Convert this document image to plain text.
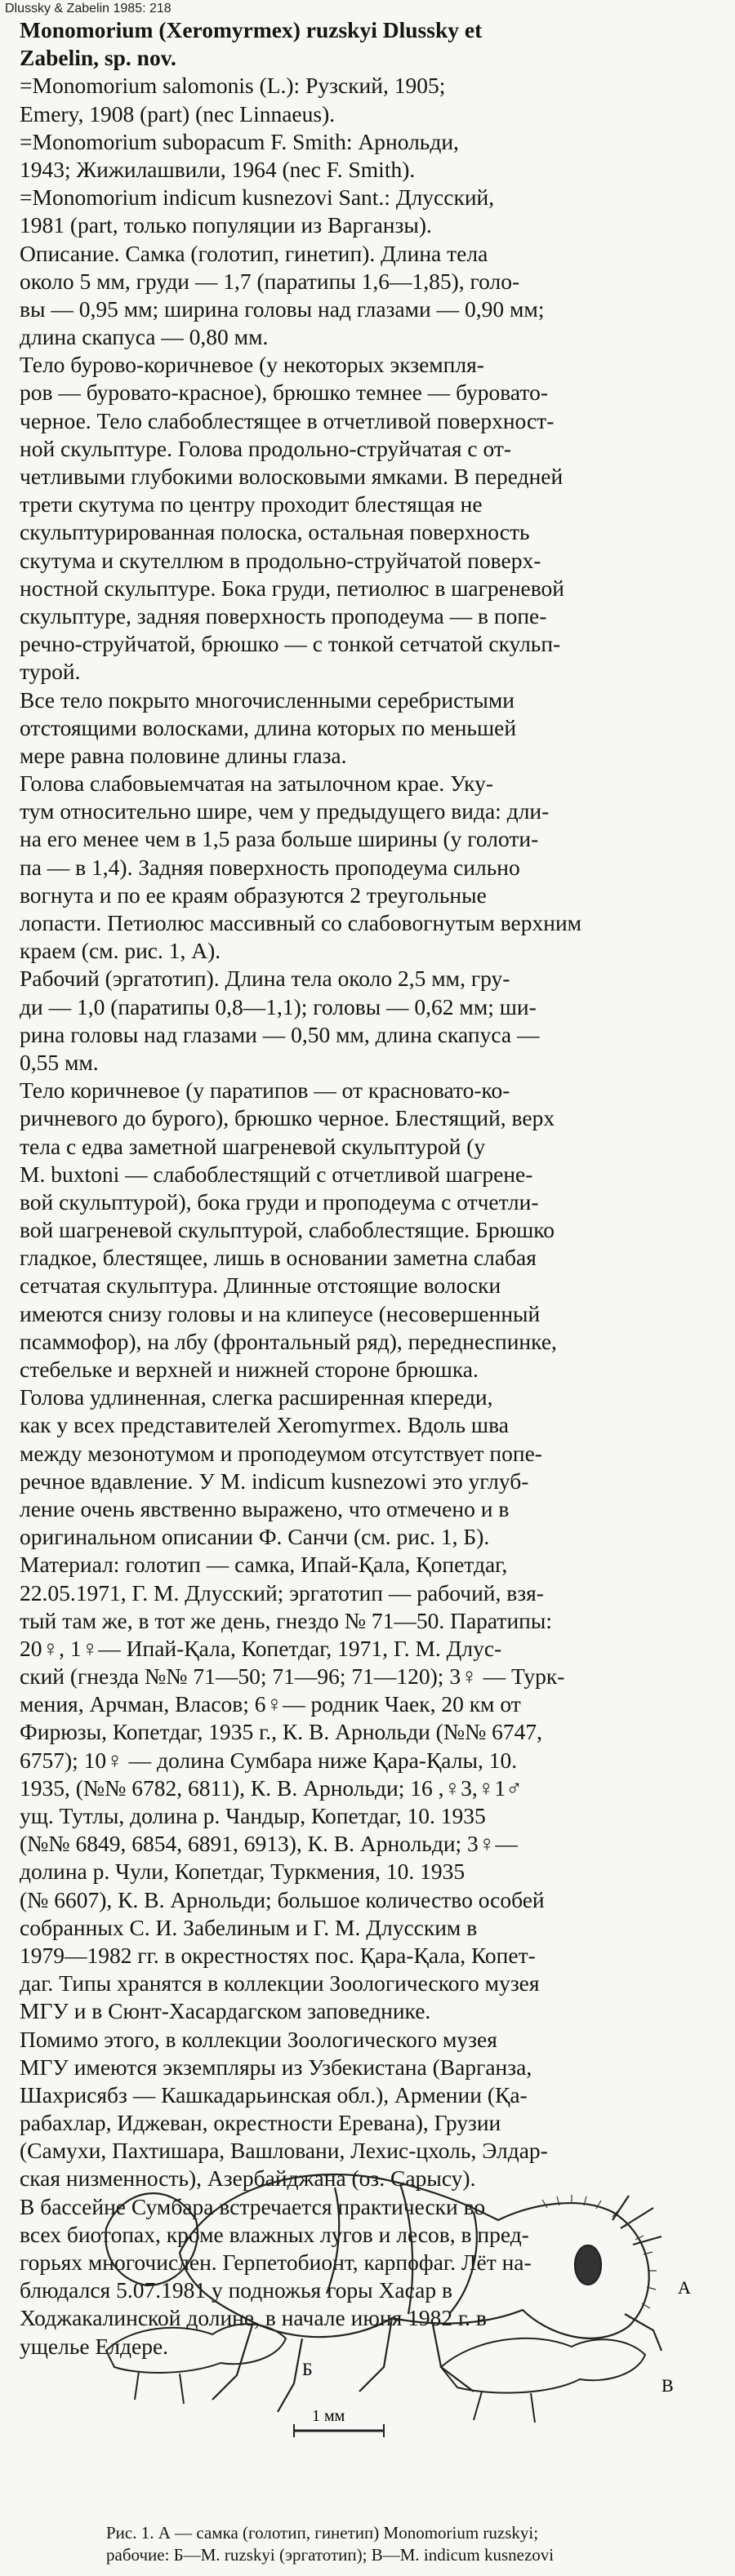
Dlussky & Zabelin 1985: 218
Monomorium (Xeromyrmex) ruzskyi Dlussky et
Zabelin, sp. nov.
=Monomorium salomonis (L.): Рузский, 1905;
Emery, 1908 (part) (nec Linnaeus).
=Monomorium subopacum F. Smith: Арнольди,
1943; Жижилашвили, 1964 (nec F. Smith).
=Monomorium indicum kusnezovi Sant.: Длусский,
1981 (part, только популяции из Варганзы).
Описание. Самка (голотип, гинетип). Длина тела
около 5 мм, груди — 1,7 (паратипы 1,6—1,85), голо-
вы — 0,95 мм; ширина головы над глазами — 0,90 мм;
длина скапуса — 0,80 мм.
Тело бурово-коричневое (у некоторых экземпля-
ров — буровато-красное), брюшко темнее — буровато-
черное. Тело слабоблестящее в отчетливой поверхност-
ной скульптуре. Голова продольно-струйчатая с от-
четливыми глубокими волосковыми ямками. В передней
трети скутума по центру проходит блестящая не
скульптурированная полоска, остальная поверхность
скутума и скутеллюм в продольно-струйчатой поверх-
ностной скульптуре. Бока груди, петиолюс в шагреневой
скульптуре, задняя поверхность проподеума — в попе-
речно-струйчатой, брюшко — с тонкой сетчатой скульп-
турой.
Все тело покрыто многочисленными серебристыми
отстоящими волосками, длина которых по меньшей
мере равна половине длины глаза.
Голова слабовыемчатая на затылочном крае. Уку-
тум относительно шире, чем у предыдущего вида: дли-
на его менее чем в 1,5 раза больше ширины (у голоти-
па — в 1,4). Задняя поверхность проподеума сильно
вогнута и по ее краям образуются 2 треугольные
лопасти. Петиолюс массивный со слабовогнутым верхним
краем (см. рис. 1, А).
Рабочий (эргатотип). Длина тела около 2,5 мм, гру-
ди — 1,0 (паратипы 0,8—1,1); головы — 0,62 мм; ши-
рина головы над глазами — 0,50 мм, длина скапуса —
0,55 мм.
Тело коричневое (у паратипов — от красновато-ко-
ричневого до бурого), брюшко черное. Блестящий, верх
тела с едва заметной шагреневой скульптурой (у
M. buxtoni — слабоблестящий с отчетливой шагрене-
вой скульптурой), бока груди и проподеума с отчетли-
вой шагреневой скульптурой, слабоблестящие. Брюшко
гладкое, блестящее, лишь в основании заметна слабая
сетчатая скульптура. Длинные отстоящие волоски
имеются снизу головы и на клипеусе (несовершенный
псаммофор), на лбу (фронтальный ряд), переднеспинке,
стебельке и верхней и нижней стороне брюшка.
Голова удлиненная, слегка расширенная кпереди,
как у всех представителей Xeromyrmex. Вдоль шва
между мезонотумом и проподеумом отсутствует попе-
речное вдавление. У M. indicum kusnezowi это углуб-
ление очень явственно выражено, что отмечено и в
оригинальном описании Ф. Санчи (см. рис. 1, Б).
Материал: голотип — самка, Ипай-Қала, Қопетдаг,
22.05.1971, Г. М. Длусский; эргатотип — рабочий, взя-
тый там же, в тот же день, гнездо № 71—50. Паратипы:
20♀, 1♀— Ипай-Қала, Копетдаг, 1971, Г. М. Длус-
ский (гнезда №№ 71—50; 71—96; 71—120); 3♀ — Турк-
мения, Арчман, Власов; 6♀— родник Чаек, 20 км от
Фирюзы, Копетдаг, 1935 г., К. В. Арнольди (№№ 6747,
6757); 10♀ — долина Сумбара ниже Қара-Қалы, 10.
1935, (№№ 6782, 6811), К. В. Арнольди; 16 ,♀3,♀1♂
ущ. Тутлы, долина р. Чандыр, Копетдаг, 10. 1935
(№№ 6849, 6854, 6891, 6913), К. В. Арнольди; 3♀—
долина р. Чули, Копетдаг, Туркмения, 10. 1935
(№ 6607), К. В. Арнольди; большое количество особей
собранных С. И. Забелиным и Г. М. Длусским в
1979—1982 гг. в окрестностях пос. Қара-Қала, Копет-
даг. Типы хранятся в коллекции Зоологического музея
МГУ и в Сюнт-Хасардагском заповеднике.
Помимо этого, в коллекции Зоологического музея
МГУ имеются экземпляры из Узбекистана (Варганза,
Шахрисябз — Кашкадарьинская обл.), Армении (Қа-
рабахлар, Иджеван, окрестности Еревана), Грузии
(Самухи, Пахтишара, Вашловани, Лехис-цхоль, Элдар-
ская низменность), Азербайджана (оз. Сарысу).
В бассейне Сумбара встречается практически во
всех биотопах, кроме влажных лугов и лесов, в пред-
горьях многочислен. Герпетобионт, карпофаг. Лёт на-
блюдался 5.07.1981 у подножья горы Хасар в
Ходжакалинской долине, в начале июня 1982 г. в
ущелье Елдере.
А
Б
В
1 мм
Рис. 1. А — самка (голотип, гинетип) Monomorium ruzskyi;
рабочие: Б—M. ruzskyi (эргатотип); В—M. indicum kusnezovi
